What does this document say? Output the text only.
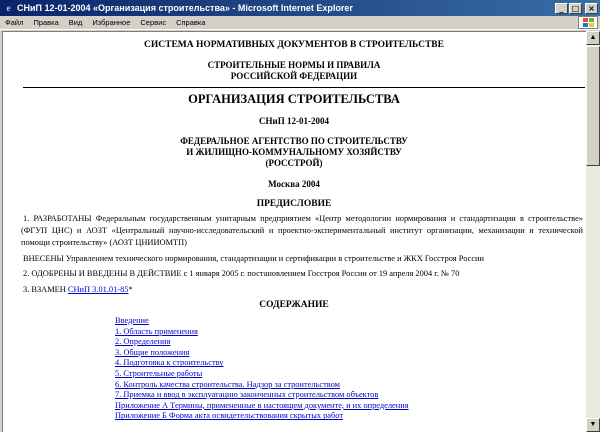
e СНиП 12-01-2004 «Организация строительства» - Microsoft Internet Explorer	_	□	×
Файл	Правка	Вид	Избранное	Сервис	Справка
СИСТЕМА НОРМАТИВНЫХ ДОКУМЕНТОВ В СТРОИТЕЛЬСТВЕ
СТРОИТЕЛЬНЫЕ НОРМЫ И ПРАВИЛА
РОССИЙСКОЙ ФЕДЕРАЦИИ
ОРГАНИЗАЦИЯ СТРОИТЕЛЬСТВА
СНиП 12-01-2004
ФЕДЕРАЛЬНОЕ АГЕНТСТВО ПО СТРОИТЕЛЬСТВУ
И ЖИЛИЩНО-КОММУНАЛЬНОМУ ХОЗЯЙСТВУ
(РОССТРОЙ)
Москва 2004
ПРЕДИСЛОВИЕ
1. РАЗРАБОТАНЫ Федеральным государственным унитарным предприятием «Центр методологии нормирования и стандартизации в строительстве» (ФГУП ЦНС) и АОЗТ «Центральный научно-исследовательский и проектно-экспериментальный институт организации, механизации и технической помощи строительству» (АОЗТ ЦНИИОМТП)
ВНЕСЕНЫ Управлением технического нормирования, стандартизации и сертификации в строительстве и ЖКХ Госстроя России
2. ОДОБРЕНЫ И ВВЕДЕНЫ В ДЕЙСТВИЕ с 1 января 2005 г. постановлением Госстроя России от 19 апреля 2004 г. № 70
3. ВЗАМЕН СНиП 3.01.01-85*
СОДЕРЖАНИЕ
Введение
1. Область применения
2. Определения
3. Общие положения
4. Подготовка к строительству
5. Строительные работы
6. Контроль качества строительства. Надзор за строительством
7. Приемка и ввод в эксплуатацию законченных строительством объектов
Приложение А Термины, примененные в настоящем документе, и их определения
Приложение Б Форма акта освидетельствования скрытых работ
▲
▼
